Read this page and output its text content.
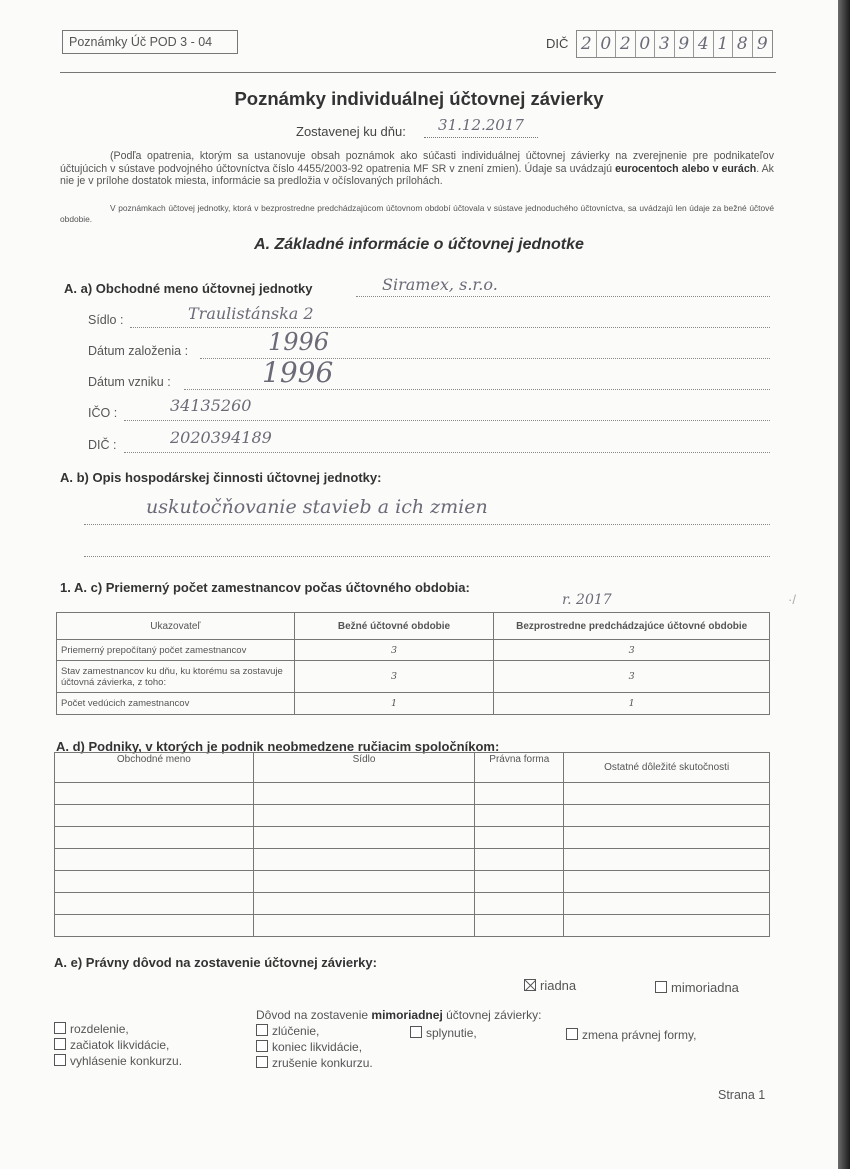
Poznámky Úč POD 3 - 04	DIČ 2 0 2 0 3 9 4 1 8 9
Poznámky individuálnej účtovnej závierky
Zostavenej ku dňu:	31.12.2017
(Podľa opatrenia, ktorým sa ustanovuje obsah poznámok ako súčasti individuálnej účtovnej závierky na zverejnenie pre podnikateľov účtujúcich v sústave podvojného účtovníctva číslo 4455/2003-92 opatrenia MF SR v znení zmien). Údaje sa uvádzajú eurocentoch alebo v eurách. Ak nie je v prílohe dostatok miesta, informácie sa predložia v očíslovaných prílohách.
V poznámkach účtovej jednotky, ktorá v bezprostredne predchádzajúcom účtovnom období účtovala v sústave jednoduchého účtovníctva, sa uvádzajú len údaje za bežné účtové obdobie.
A. Základné informácie o účtovnej jednotke
A. a) Obchodné meno účtovnej jednotky	Siramex, s.r.o.
Sídlo :	Traulistánska 2
Dátum založenia :	1996
Dátum vzniku :	1996
IČO :	34135260
DIČ :	2020394189
A. b) Opis hospodárskej činnosti účtovnej jednotky:
uskutočňovanie stavieb a ich zmien
1. A. c) Priemerný počet zamestnancov počas účtovného obdobia:
r. 2017	·/
Ukazovateľ	Bežné účtovné obdobie	Bezprostredne predchádzajúce účtovné obdobie
Priemerný prepočítaný počet zamestnancov	3	3
Stav zamestnancov ku dňu, ku ktorému sa zostavuje účtovná závierka, z toho:	3	3
Počet vedúcich zamestnancov	1	1
A. d) Podniky, v ktorých je podnik neobmedzene ručiacim spoločníkom:
Obchodné meno	Sídlo	Právna forma	Ostatné dôležité skutočnosti

A. e) Právny dôvod na zostavenie účtovnej závierky:
riadna	mimoriadna
Dôvod na zostavenie mimoriadnej účtovnej závierky:
rozdelenie,
začiatok likvidácie,
vyhlásenie konkurzu.
zlúčenie,
koniec likvidácie,
zrušenie konkurzu.
splynutie,	zmena právnej formy,
Strana 1
